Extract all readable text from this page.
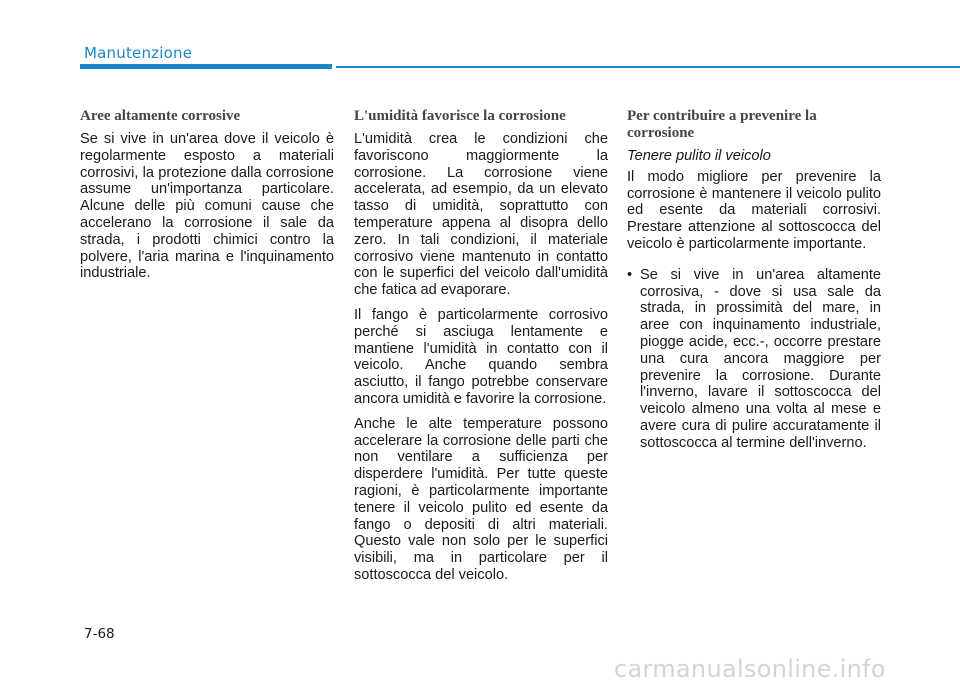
Manutenzione
Aree altamente corrosive

Se si vive in un'area dove il veicolo è regolarmente esposto a materiali corrosivi, la protezione dalla corrosione assume un'importanza particolare. Alcune delle più comuni cause che accelerano la corrosione il sale da strada, i prodotti chimici contro la polvere, l'aria marina e l'inquinamento industriale.

L'umidità favorisce la corrosione

L'umidità crea le condizioni che favoriscono maggiormente la corrosione. La corrosione viene accelerata, ad esempio, da un elevato tasso di umidità, soprattutto con temperature appena al disopra dello zero. In tali condizioni, il materiale corrosivo viene mantenuto in contatto con le superfici del veicolo dall'umidità che fatica ad evaporare.

Il fango è particolarmente corrosivo perché si asciuga lentamente e mantiene l'umidità in contatto con il veicolo. Anche quando sembra asciutto, il fango potrebbe conservare ancora umidità e favorire la corrosione.

Anche le alte temperature possono accelerare la corrosione delle parti che non ventilare a sufficienza per disperdere l'umidità. Per tutte queste ragioni, è particolarmente importante tenere il veicolo pulito ed esente da fango o depositi di altri materiali. Questo vale non solo per le superfici visibili, ma in particolare per il sottoscocca del veicolo.

Per contribuire a prevenire la corrosione

Tenere pulito il veicolo

Il modo migliore per prevenire la corrosione è mantenere il veicolo pulito ed esente da materiali corrosivi. Prestare attenzione al sottoscocca del veicolo è particolarmente importante.

• Se si vive in un'area altamente corrosiva, - dove si usa sale da strada, in prossimità del mare, in aree con inquinamento industriale, piogge acide, ecc.-, occorre prestare una cura ancora maggiore per prevenire la corrosione. Durante l'inverno, lavare il sottoscocca del veicolo almeno una volta al mese e avere cura di pulire accuratamente il sottoscocca al termine dell'inverno.
7-68
carmanualsonline.info
